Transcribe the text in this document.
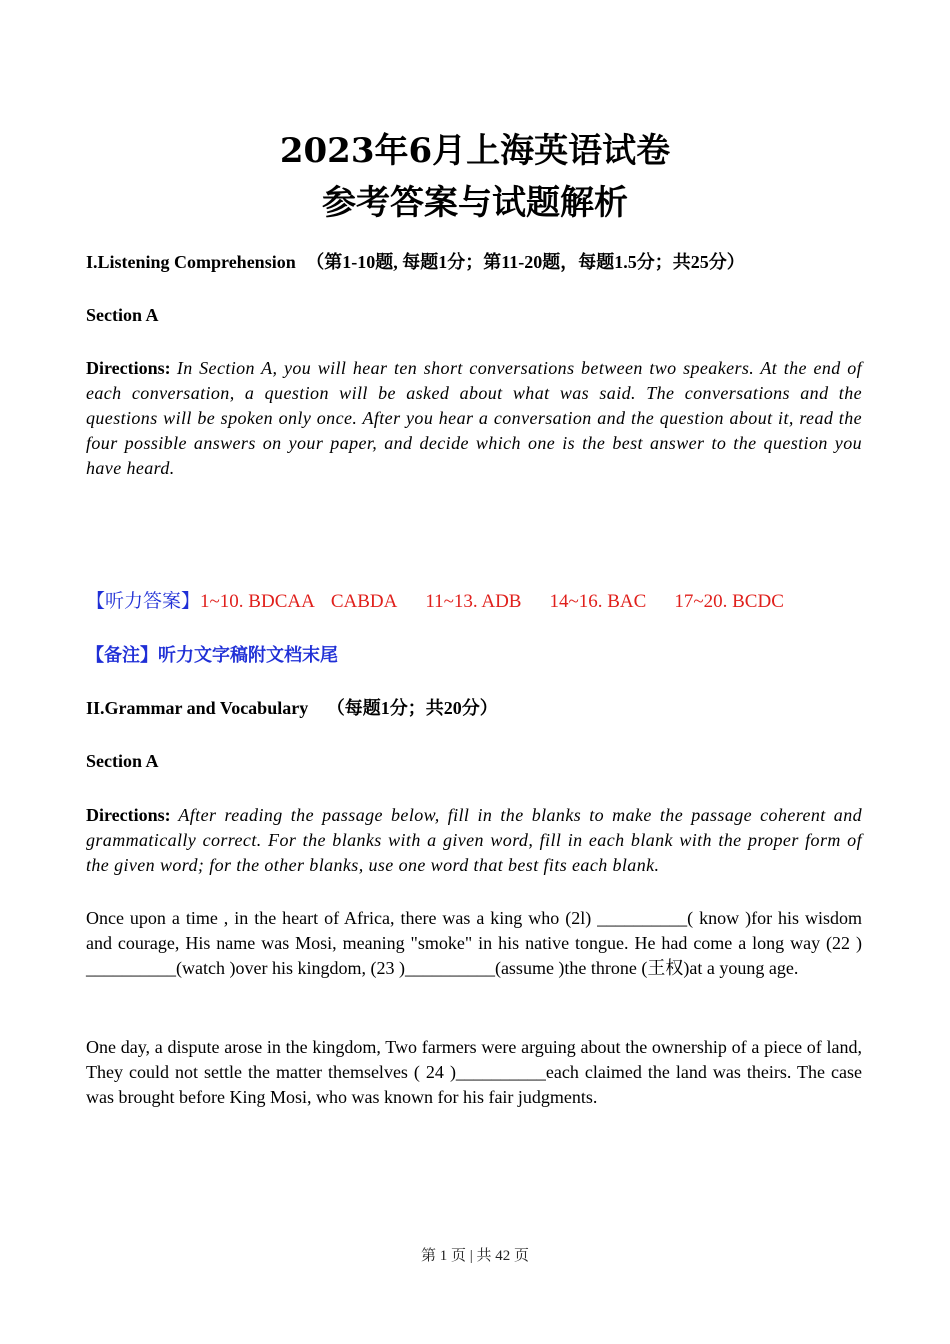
2023年6月上海英语试卷
参考答案与试题解析
I.Listening Comprehension （第1-10题, 每题1分；第11-20题，每题1.5分；共25分）
Section A
Directions: In Section A, you will hear ten short conversations between two speakers. At the end of each conversation, a question will be asked about what was said. The conversations and the questions will be spoken only once. After you hear a conversation and the question about it, read the four possible answers on your paper, and decide which one is the best answer to the question you have heard.
【听力答案】1~10. BDCAA CABDA 11~13. ADB 14~16. BAC 17~20. BCDC
【备注】听力文字稿附文档末尾
II.Grammar and Vocabulary （每题1分；共20分）
Section A
Directions: After reading the passage below, fill in the blanks to make the passage coherent and grammatically correct. For the blanks with a given word, fill in each blank with the proper form of the given word; for the other blanks, use one word that best fits each blank.
Once upon a time , in the heart of Africa, there was a king who (2l) __________( know )for his wisdom and courage, His name was Mosi, meaning "smoke" in his native tongue. He had come a long way (22 ) __________(watch )over his kingdom, (23 )__________(assume )the throne (王权)at a young age.
One day, a dispute arose in the kingdom, Two farmers were arguing about the ownership of a piece of land, They could not settle the matter themselves ( 24 )__________each claimed the land was theirs. The case was brought before King Mosi, who was known for his fair judgments.
第 1 页 | 共 42 页
